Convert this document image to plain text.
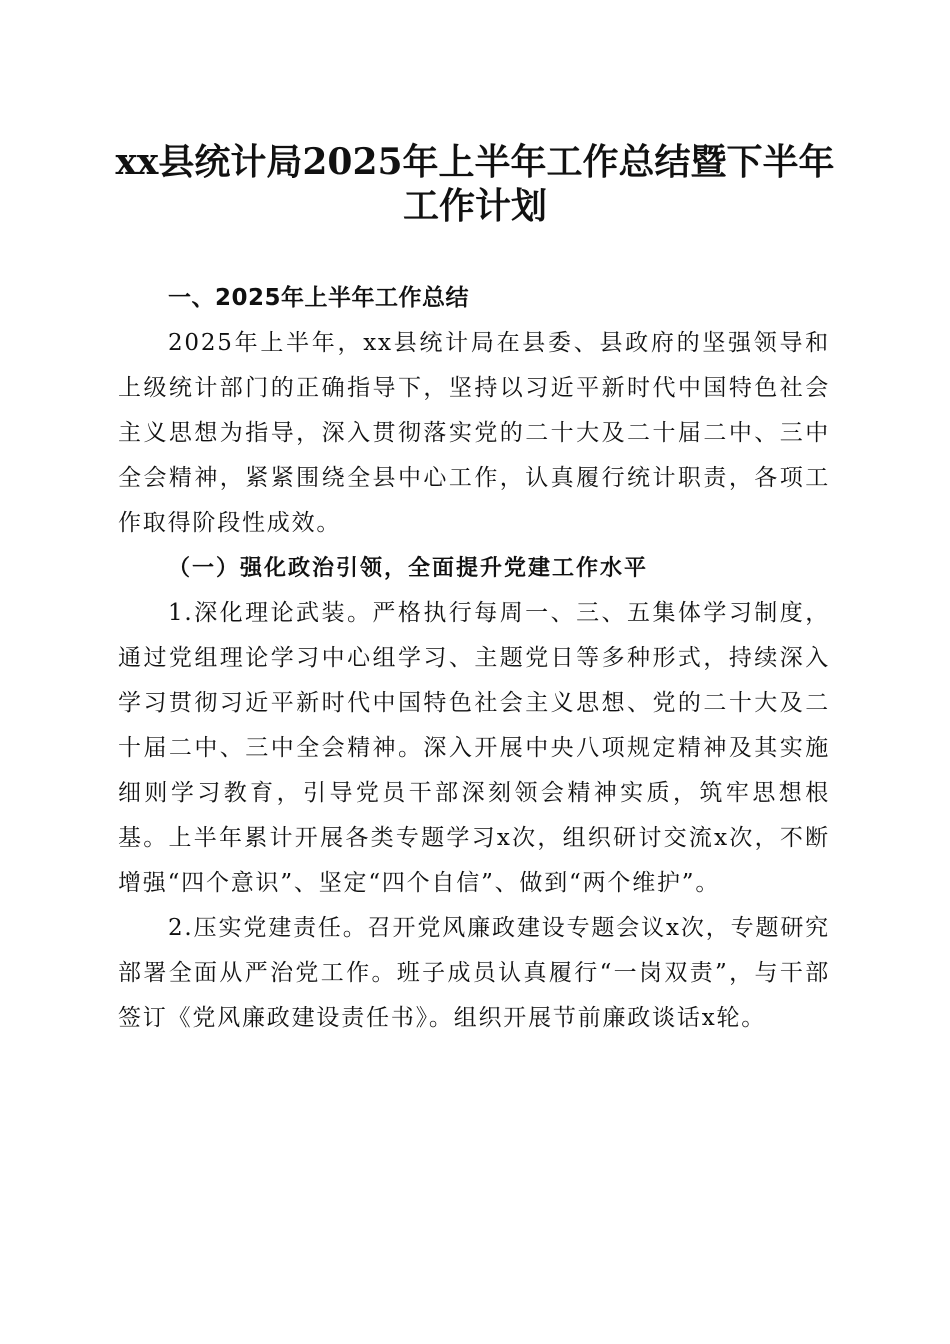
xx县统计局2025年上半年工作总结暨下半年
工作计划

一、2025年上半年工作总结

2025年上半年，xx县统计局在县委、县政府的坚强领导和上级统计部门的正确指导下，坚持以习近平新时代中国特色社会主义思想为指导，深入贯彻落实党的二十大及二十届二中、三中全会精神，紧紧围绕全县中心工作，认真履行统计职责，各项工作取得阶段性成效。

（一）强化政治引领，全面提升党建工作水平

1.深化理论武装。严格执行每周一、三、五集体学习制度，通过党组理论学习中心组学习、主题党日等多种形式，持续深入学习贯彻习近平新时代中国特色社会主义思想、党的二十大及二十届二中、三中全会精神。深入开展中央八项规定精神及其实施细则学习教育，引导党员干部深刻领会精神实质，筑牢思想根基。上半年累计开展各类专题学习x次，组织研讨交流x次，不断增强“四个意识”、坚定“四个自信”、做到“两个维护”。

2.压实党建责任。召开党风廉政建设专题会议x次，专题研究部署全面从严治党工作。班子成员认真履行“一岗双责”，与干部签订《党风廉政建设责任书》。组织开展节前廉政谈话x轮。
